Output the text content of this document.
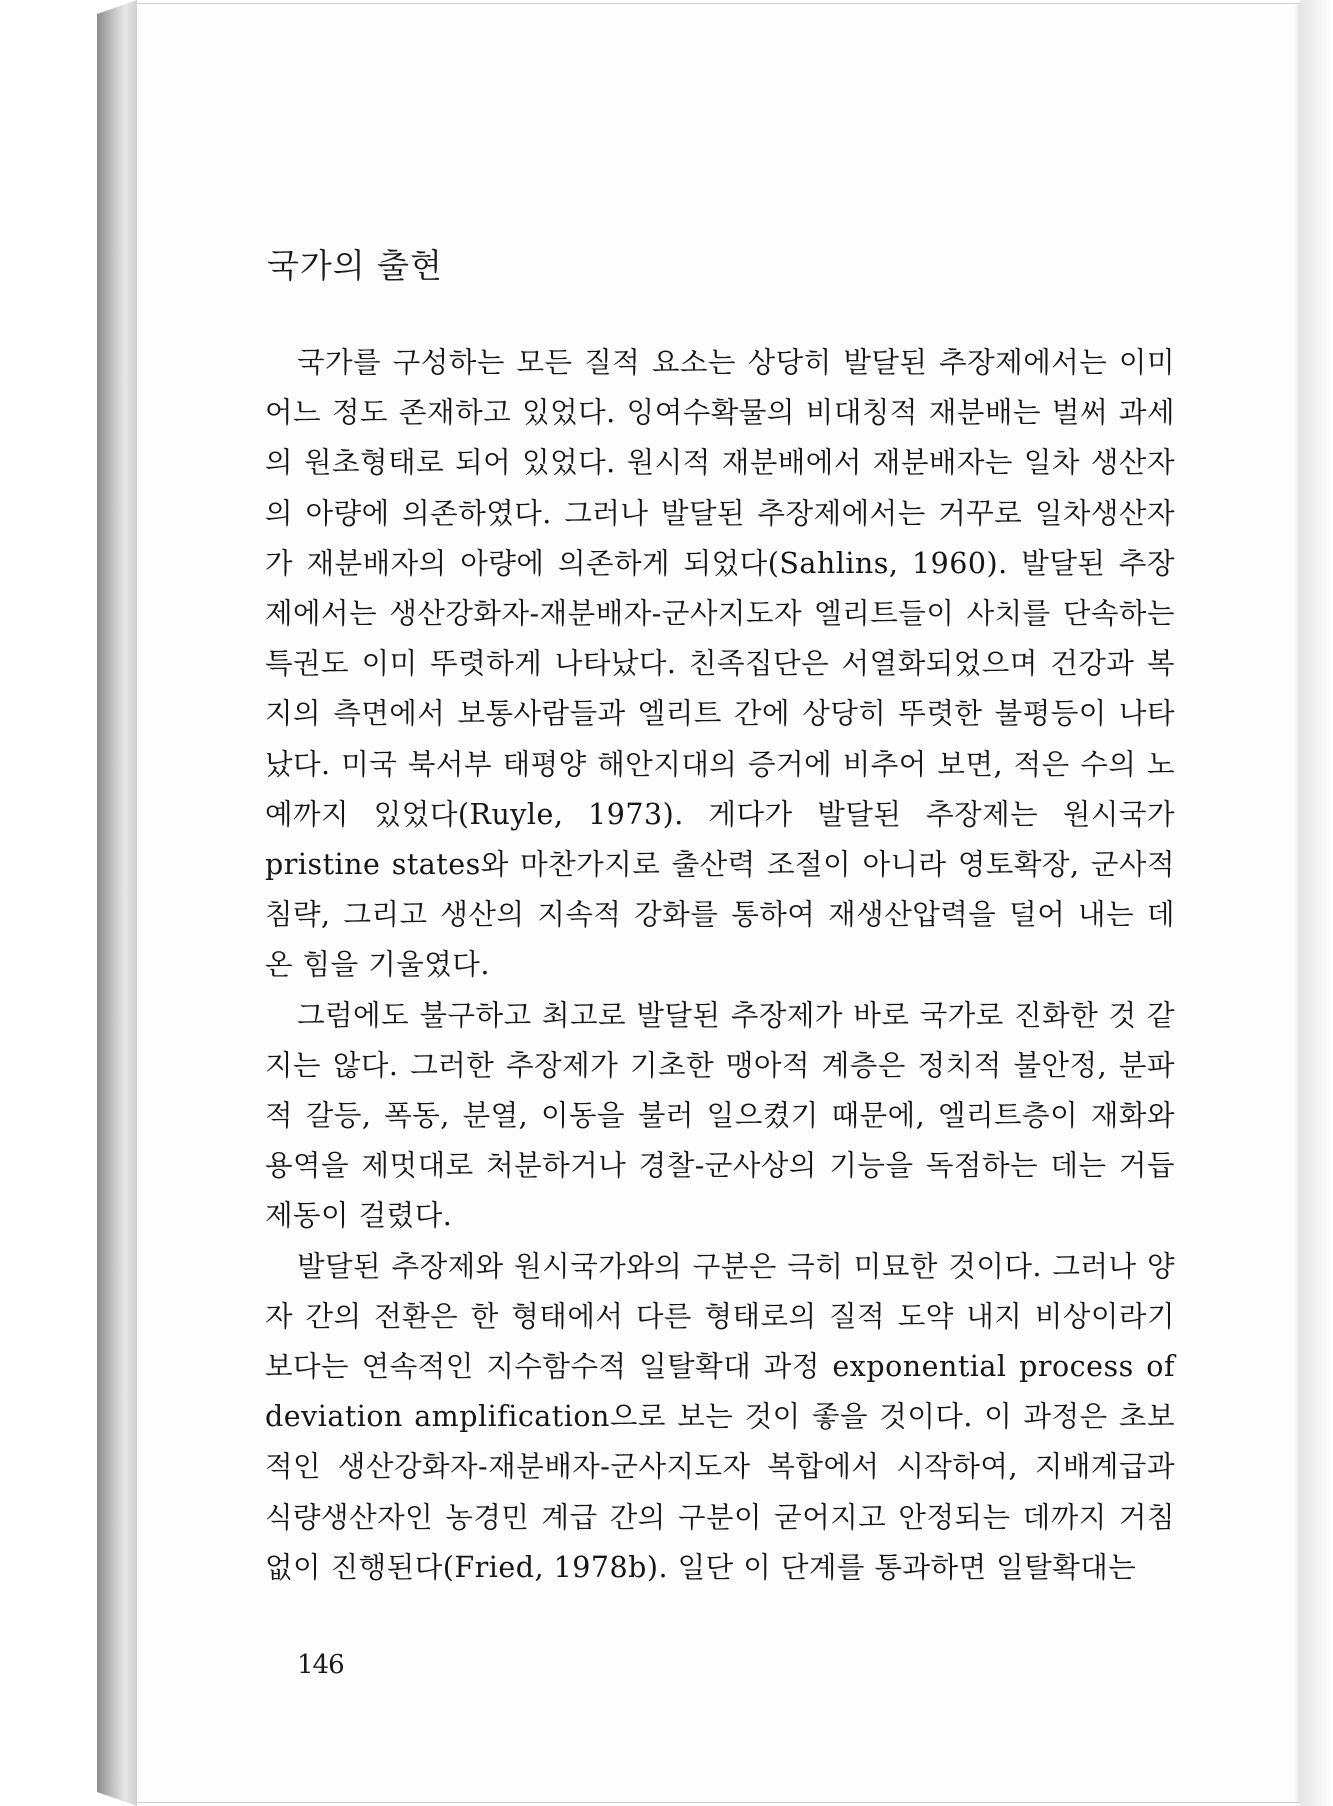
국가의 출현

국가를 구성하는 모든 질적 요소는 상당히 발달된 추장제에서는 이미 어느 정도 존재하고 있었다. 잉여수확물의 비대칭적 재분배는 벌써 과세의 원초형태로 되어 있었다. 원시적 재분배에서 재분배자는 일차 생산자의 아량에 의존하였다. 그러나 발달된 추장제에서는 거꾸로 일차생산자가 재분배자의 아량에 의존하게 되었다(Sahlins, 1960). 발달된 추장제에서는 생산강화자-재분배자-군사지도자 엘리트들이 사치를 단속하는 특권도 이미 뚜렷하게 나타났다. 친족집단은 서열화되었으며 건강과 복지의 측면에서 보통사람들과 엘리트 간에 상당히 뚜렷한 불평등이 나타났다. 미국 북서부 태평양 해안지대의 증거에 비추어 보면, 적은 수의 노예까지 있었다(Ruyle, 1973). 게다가 발달된 추장제는 원시국가pristine states와 마찬가지로 출산력 조절이 아니라 영토확장, 군사적 침략, 그리고 생산의 지속적 강화를 통하여 재생산압력을 덜어 내는 데 온 힘을 기울였다.

그럼에도 불구하고 최고로 발달된 추장제가 바로 국가로 진화한 것 같지는 않다. 그러한 추장제가 기초한 맹아적 계층은 정치적 불안정, 분파적 갈등, 폭동, 분열, 이동을 불러 일으켰기 때문에, 엘리트층이 재화와 용역을 제멋대로 처분하거나 경찰-군사상의 기능을 독점하는 데는 거듭 제동이 걸렸다.

발달된 추장제와 원시국가와의 구분은 극히 미묘한 것이다. 그러나 양자 간의 전환은 한 형태에서 다른 형태로의 질적 도약 내지 비상이라기 보다는 연속적인 지수함수적 일탈확대 과정 exponential process of deviation amplification으로 보는 것이 좋을 것이다. 이 과정은 초보적인 생산강화자-재분배자-군사지도자 복합에서 시작하여, 지배계급과 식량생산자인 농경민 계급 간의 구분이 굳어지고 안정되는 데까지 거침없이 진행된다(Fried, 1978b). 일단 이 단계를 통과하면 일탈확대는

146
